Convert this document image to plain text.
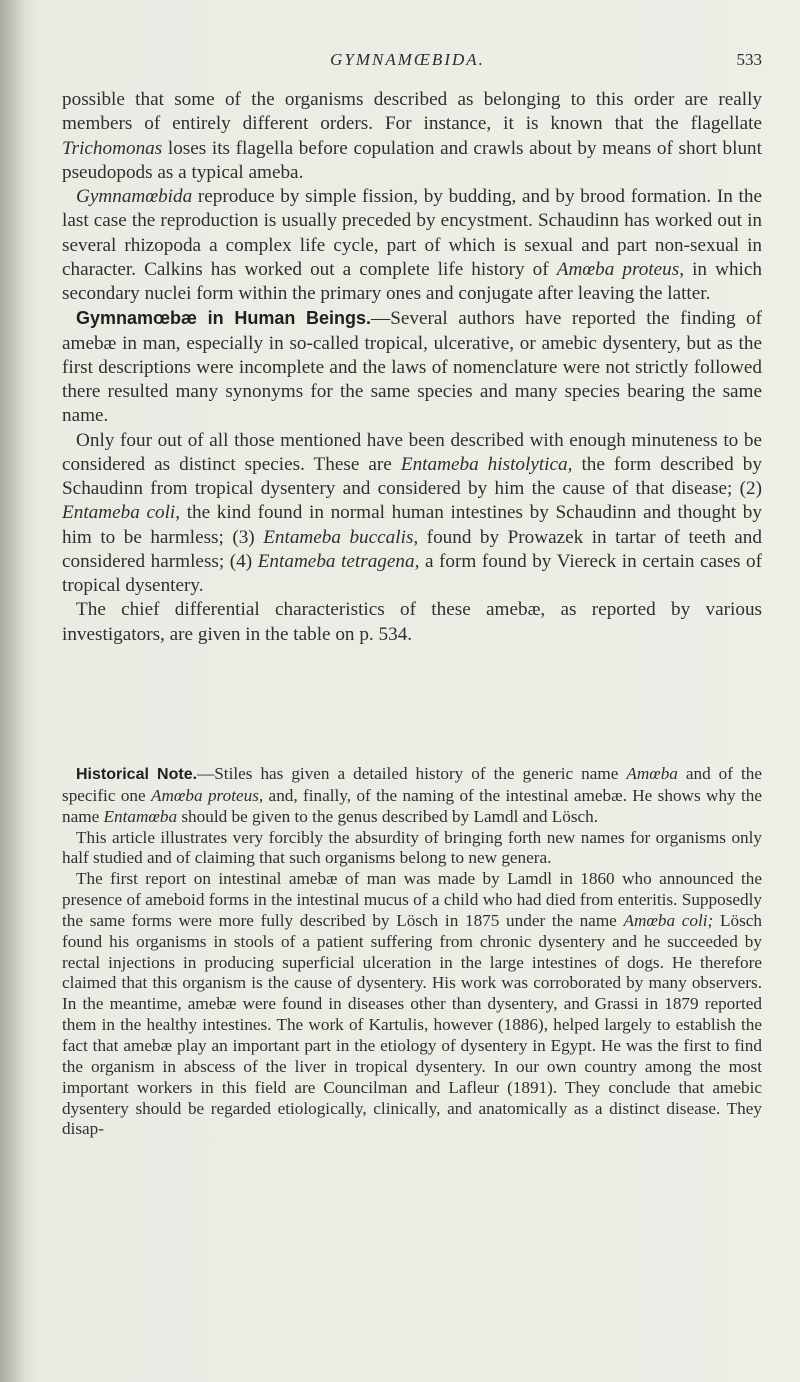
GYMNAMŒBIDA.	533

possible that some of the organisms described as belonging to this order are really members of entirely different orders. For instance, it is known that the flagellate Trichomonas loses its flagella before copulation and crawls about by means of short blunt pseudopods as a typical ameba.

Gymnamœbida reproduce by simple fission, by budding, and by brood formation. In the last case the reproduction is usually preceded by encystment. Schaudinn has worked out in several rhizopoda a complex life cycle, part of which is sexual and part non-sexual in character. Calkins has worked out a complete life history of Amœba proteus, in which secondary nuclei form within the primary ones and conjugate after leaving the latter.

Gymnamœbæ in Human Beings.—Several authors have reported the finding of amebæ in man, especially in so-called tropical, ulcerative, or amebic dysentery, but as the first descriptions were incomplete and the laws of nomenclature were not strictly followed there resulted many synonyms for the same species and many species bearing the same name.

Only four out of all those mentioned have been described with enough minuteness to be considered as distinct species. These are Entameba histolytica, the form described by Schaudinn from tropical dysentery and considered by him the cause of that disease; (2) Entameba coli, the kind found in normal human intestines by Schaudinn and thought by him to be harmless; (3) Entameba buccalis, found by Prowazek in tartar of teeth and considered harmless; (4) Entameba tetragena, a form found by Viereck in certain cases of tropical dysentery.

The chief differential characteristics of these amebæ, as reported by various investigators, are given in the table on p. 534.

Historical Note.—Stiles has given a detailed history of the generic name Amœba and of the specific one Amœba proteus, and, finally, of the naming of the intestinal amebæ. He shows why the name Entamœba should be given to the genus described by Lamdl and Lösch.

This article illustrates very forcibly the absurdity of bringing forth new names for organisms only half studied and of claiming that such organisms belong to new genera.

The first report on intestinal amebæ of man was made by Lamdl in 1860 who announced the presence of ameboid forms in the intestinal mucus of a child who had died from enteritis. Supposedly the same forms were more fully described by Lösch in 1875 under the name Amœba coli; Lösch found his organisms in stools of a patient suffering from chronic dysentery and he succeeded by rectal injections in producing superficial ulceration in the large intestines of dogs. He therefore claimed that this organism is the cause of dysentery. His work was corroborated by many observers. In the meantime, amebæ were found in diseases other than dysentery, and Grassi in 1879 reported them in the healthy intestines. The work of Kartulis, however (1886), helped largely to establish the fact that amebæ play an important part in the etiology of dysentery in Egypt. He was the first to find the organism in abscess of the liver in tropical dysentery. In our own country among the most important workers in this field are Councilman and Lafleur (1891). They conclude that amebic dysentery should be regarded etiologically, clinically, and anatomically as a distinct disease. They disap-
